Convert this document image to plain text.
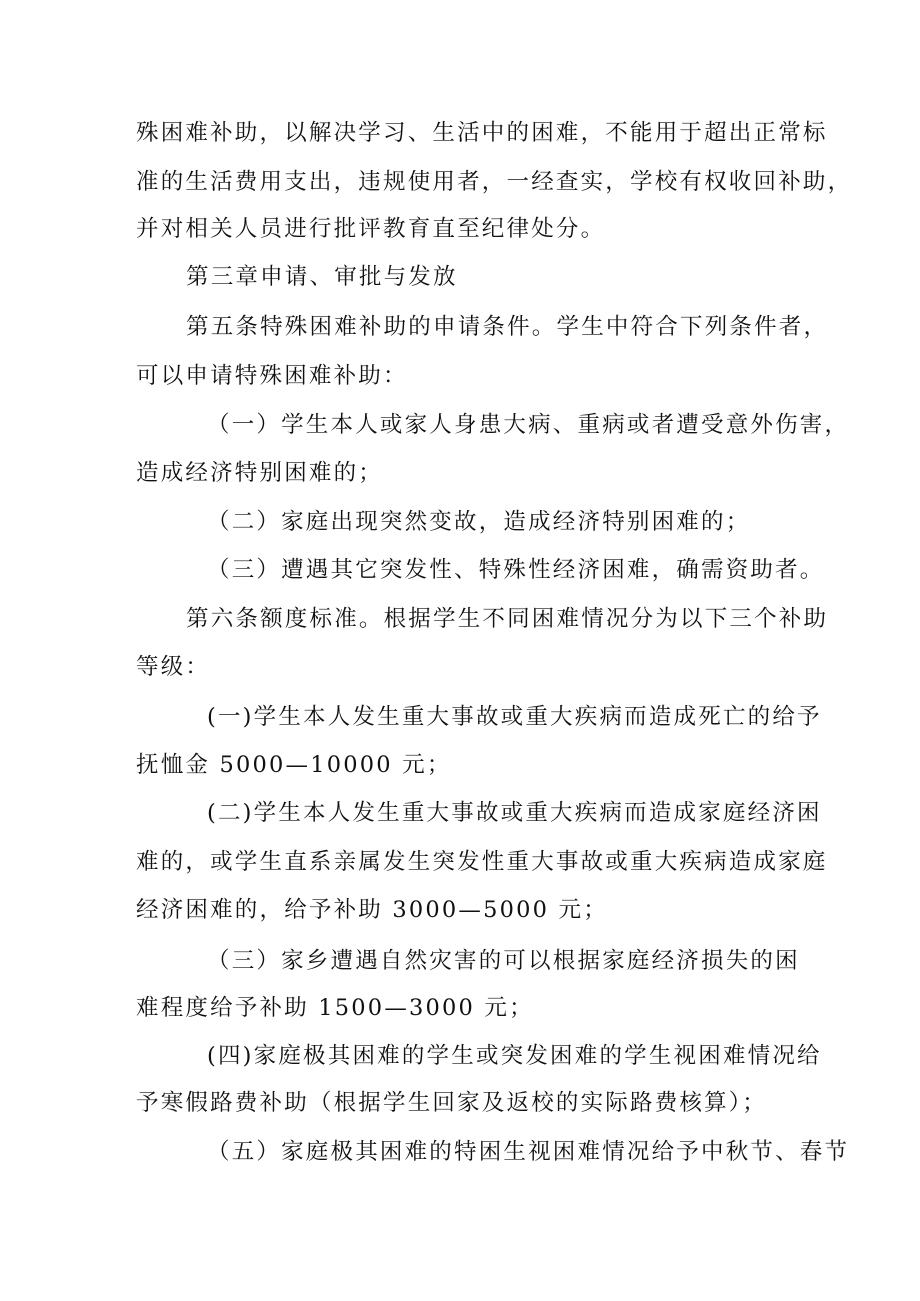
殊困难补助，以解决学习、生活中的困难，不能用于超出正常标
准的生活费用支出，违规使用者，一经查实，学校有权收回补助，
并对相关人员进行批评教育直至纪律处分。
第三章申请、审批与发放
第五条特殊困难补助的申请条件。学生中符合下列条件者，
可以申请特殊困难补助：
（一）学生本人或家人身患大病、重病或者遭受意外伤害，
造成经济特别困难的；
（二）家庭出现突然变故，造成经济特别困难的；
（三）遭遇其它突发性、特殊性经济困难，确需资助者。
第六条额度标准。根据学生不同困难情况分为以下三个补助
等级：
(一)学生本人发生重大事故或重大疾病而造成死亡的给予
抚恤金 5000—10000 元；
(二)学生本人发生重大事故或重大疾病而造成家庭经济困
难的，或学生直系亲属发生突发性重大事故或重大疾病造成家庭
经济困难的，给予补助 3000—5000 元；
（三）家乡遭遇自然灾害的可以根据家庭经济损失的困
难程度给予补助 1500—3000 元；
(四)家庭极其困难的学生或突发困难的学生视困难情况给
予寒假路费补助（根据学生回家及返校的实际路费核算）；
（五）家庭极其困难的特困生视困难情况给予中秋节、春节
